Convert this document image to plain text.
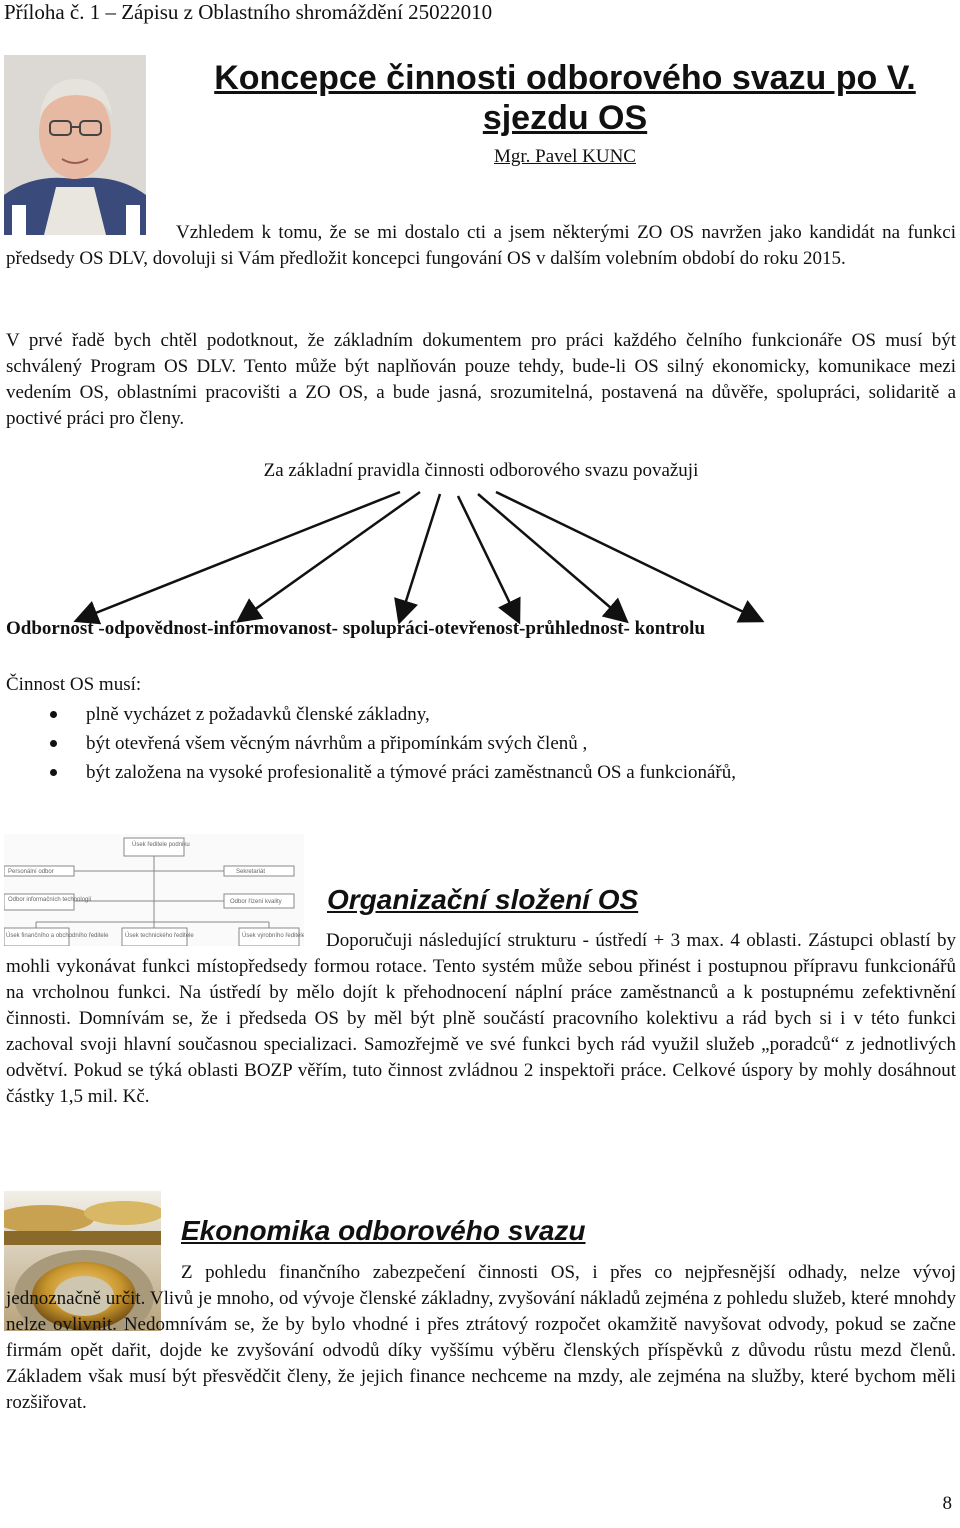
Příloha č. 1 – Zápisu z Oblastního shromáždění 25022010
Koncepce činnosti odborového svazu po V. sjezdu OS
Mgr. Pavel KUNC

Vzhledem k tomu, že se mi dostalo cti a jsem některými ZO OS navržen jako kandidát na funkci předsedy OS DLV, dovoluji si Vám předložit koncepci fungování OS v dalším volebním období do roku 2015.

V prvé řadě bych chtěl podotknout, že základním dokumentem pro práci každého čelního funkcionáře OS musí být schválený Program OS DLV. Tento může být naplňován pouze tehdy, bude-li OS silný ekonomicky, komunikace mezi vedením OS, oblastními pracovišti a ZO OS, a bude jasná, srozumitelná, postavená na důvěře, spolupráci, solidaritě a poctivé práci pro členy.

Za základní pravidla činnosti odborového svazu považuji
Odbornost -odpovědnost-informovanost- spolupráci-otevřenost-průhlednost- kontrolu
Činnost OS musí:
plně vycházet z požadavků členské základny,
být otevřená všem věcným návrhům a připomínkám svých členů ,
být založena na vysoké profesionalitě a týmové práci zaměstnanců OS a funkcionářů,
Úsek ředitele podniku
Personální odbor	Sekretariát
Odbor informačních technologií	Odbor řízení kvality
Úsek finančního a obchodního ředitele	Úsek technického ředitele	Úsek výrobního ředitele
Organizační složení OS

Doporučuji následující strukturu - ústředí + 3 max. 4 oblasti. Zástupci oblastí by mohli vykonávat funkci místopředsedy formou rotace. Tento systém může sebou přinést i postupnou přípravu funkcionářů na vrcholnou funkci. Na ústředí by mělo dojít k přehodnocení náplní práce zaměstnanců a k postupnému zefektivnění činnosti. Domnívám se, že i předseda OS by měl být plně součástí pracovního kolektivu a rád bych si i v této funkci zachoval svoji hlavní současnou specializaci. Samozřejmě ve své funkci bych rád využil služeb „poradců“ z jednotlivých odvětví. Pokud se týká oblasti BOZP věřím, tuto činnost zvládnou 2 inspektoři práce. Celkové úspory by mohly dosáhnout částky 1,5 mil. Kč.

Ekonomika odborového svazu

Z pohledu finančního zabezpečení činnosti OS, i přes co nejpřesnější odhady, nelze vývoj jednoznačně určit. Vlivů je mnoho, od vývoje členské základny, zvyšování nákladů zejména z pohledu služeb, které mnohdy nelze ovlivnit. Nedomnívám se, že by bylo vhodné i přes ztrátový rozpočet okamžitě navyšovat odvody, pokud se začne firmám opět dařit, dojde ke zvyšování odvodů díky vyššímu výběru členských příspěvků z důvodu růstu mezd členů. Základem však musí být přesvědčit členy, že jejich finance nechceme na mzdy, ale zejména na služby, které bychom měli rozšiřovat.

8
